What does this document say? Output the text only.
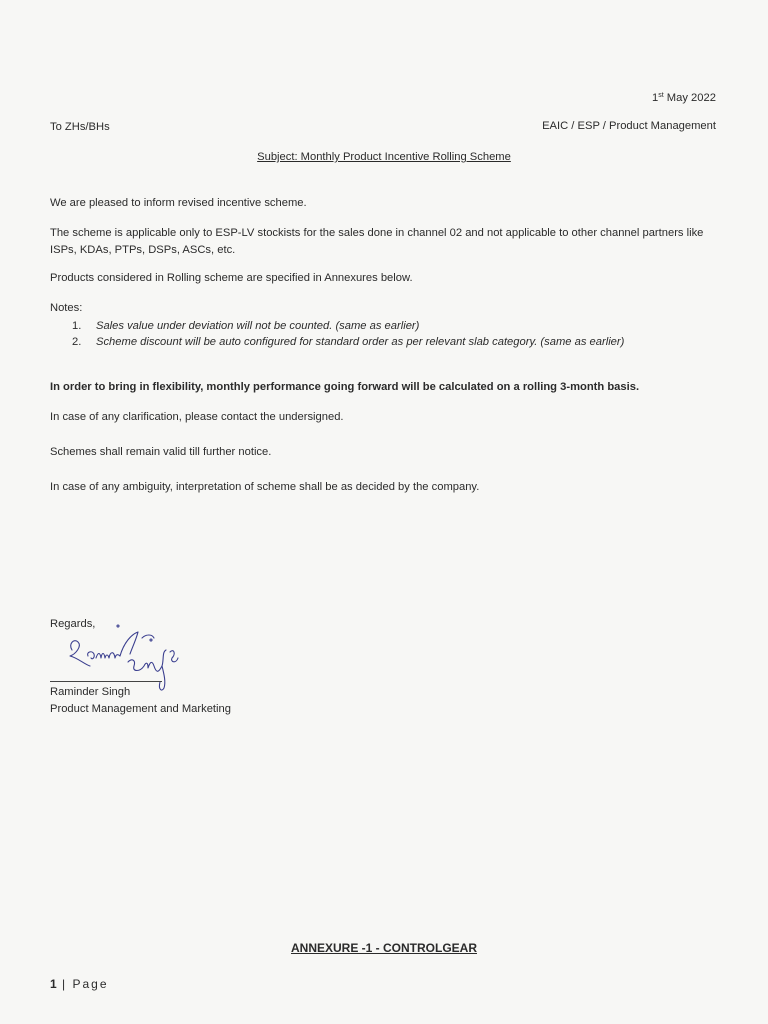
1st May 2022
To ZHs/BHs	EAIC / ESP / Product Management
Subject: Monthly Product Incentive Rolling Scheme
We are pleased to inform revised incentive scheme.
The scheme is applicable only to ESP-LV stockists for the sales done in channel 02 and not applicable to other channel partners like ISPs, KDAs, PTPs, DSPs, ASCs, etc.
Products considered in Rolling scheme are specified in Annexures below.
Notes:
1. Sales value under deviation will not be counted. (same as earlier)
2. Scheme discount will be auto configured for standard order as per relevant slab category. (same as earlier)
In order to bring in flexibility, monthly performance going forward will be calculated on a rolling 3-month basis.
In case of any clarification, please contact the undersigned.
Schemes shall remain valid till further notice.
In case of any ambiguity, interpretation of scheme shall be as decided by the company.
Regards,
Raminder Singh
Product Management and Marketing
ANNEXURE -1 - CONTROLGEAR
1 | Page
